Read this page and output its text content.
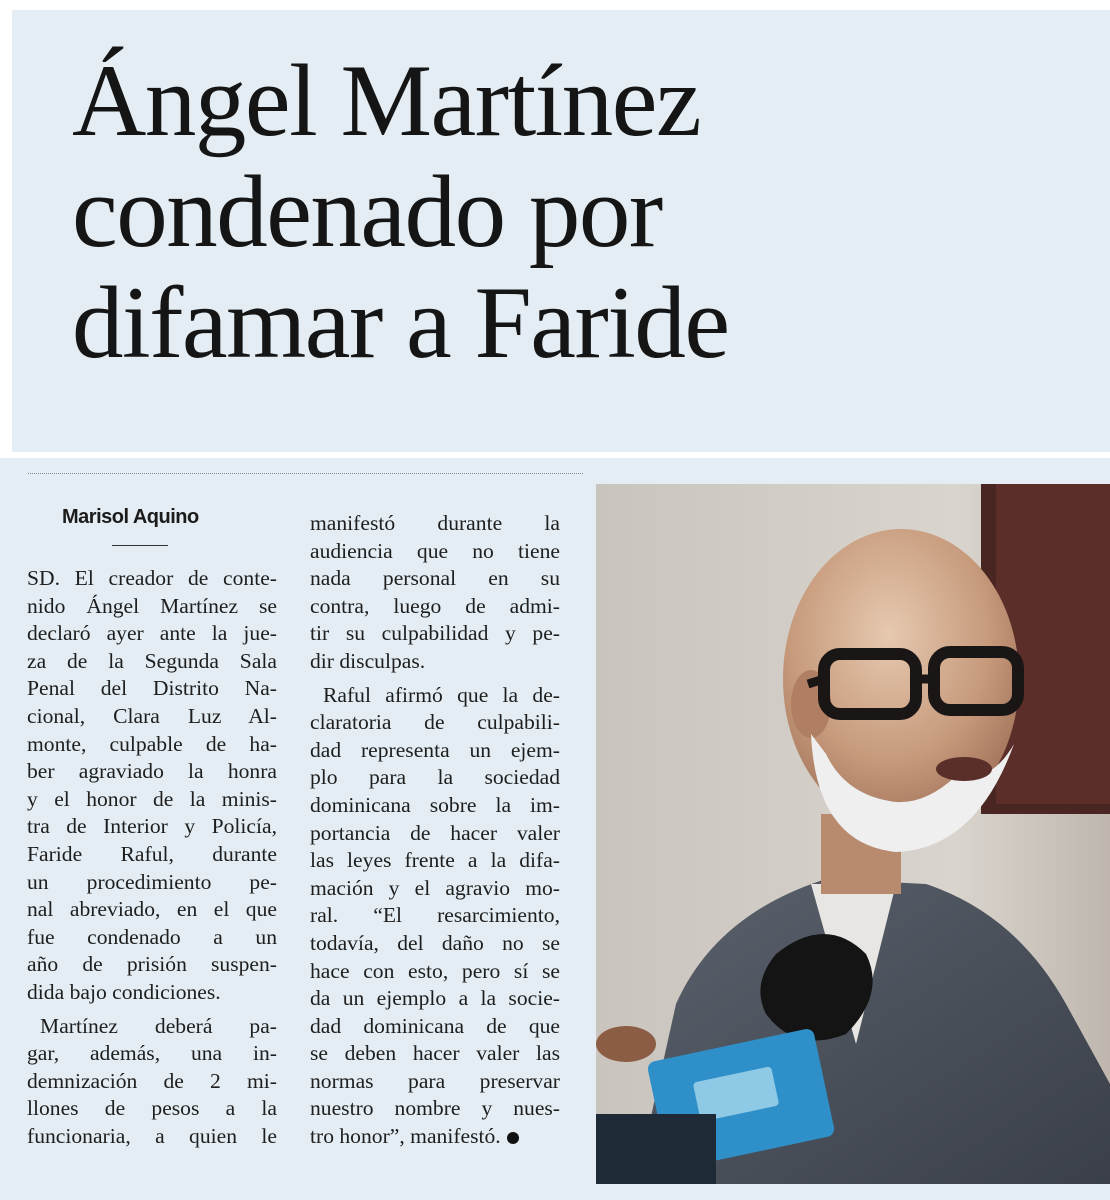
Ángel Martínez
condenado por
difamar a Faride
Marisol Aquino
SD. El creador de conte-
nido Ángel Martínez se
declaró ayer ante la jue-
za de la Segunda Sala
Penal del Distrito Na-
cional, Clara Luz Al-
monte, culpable de ha-
ber agraviado la honra
y el honor de la minis-
tra de Interior y Policía,
Faride Raful, durante
un procedimiento pe-
nal abreviado, en el que
fue condenado a un
año de prisión suspen-
dida bajo condiciones.
Martínez deberá pa-
gar, además, una in-
demnización de 2 mi-
llones de pesos a la
funcionaria, a quien le
manifestó durante la
audiencia que no tiene
nada personal en su
contra, luego de admi-
tir su culpabilidad y pe-
dir disculpas.
Raful afirmó que la de-
claratoria de culpabili-
dad representa un ejem-
plo para la sociedad
dominicana sobre la im-
portancia de hacer valer
las leyes frente a la difa-
mación y el agravio mo-
ral. “El resarcimiento,
todavía, del daño no se
hace con esto, pero sí se
da un ejemplo a la socie-
dad dominicana de que
se deben hacer valer las
normas para preservar
nuestro nombre y nues-
tro honor”, manifestó.
